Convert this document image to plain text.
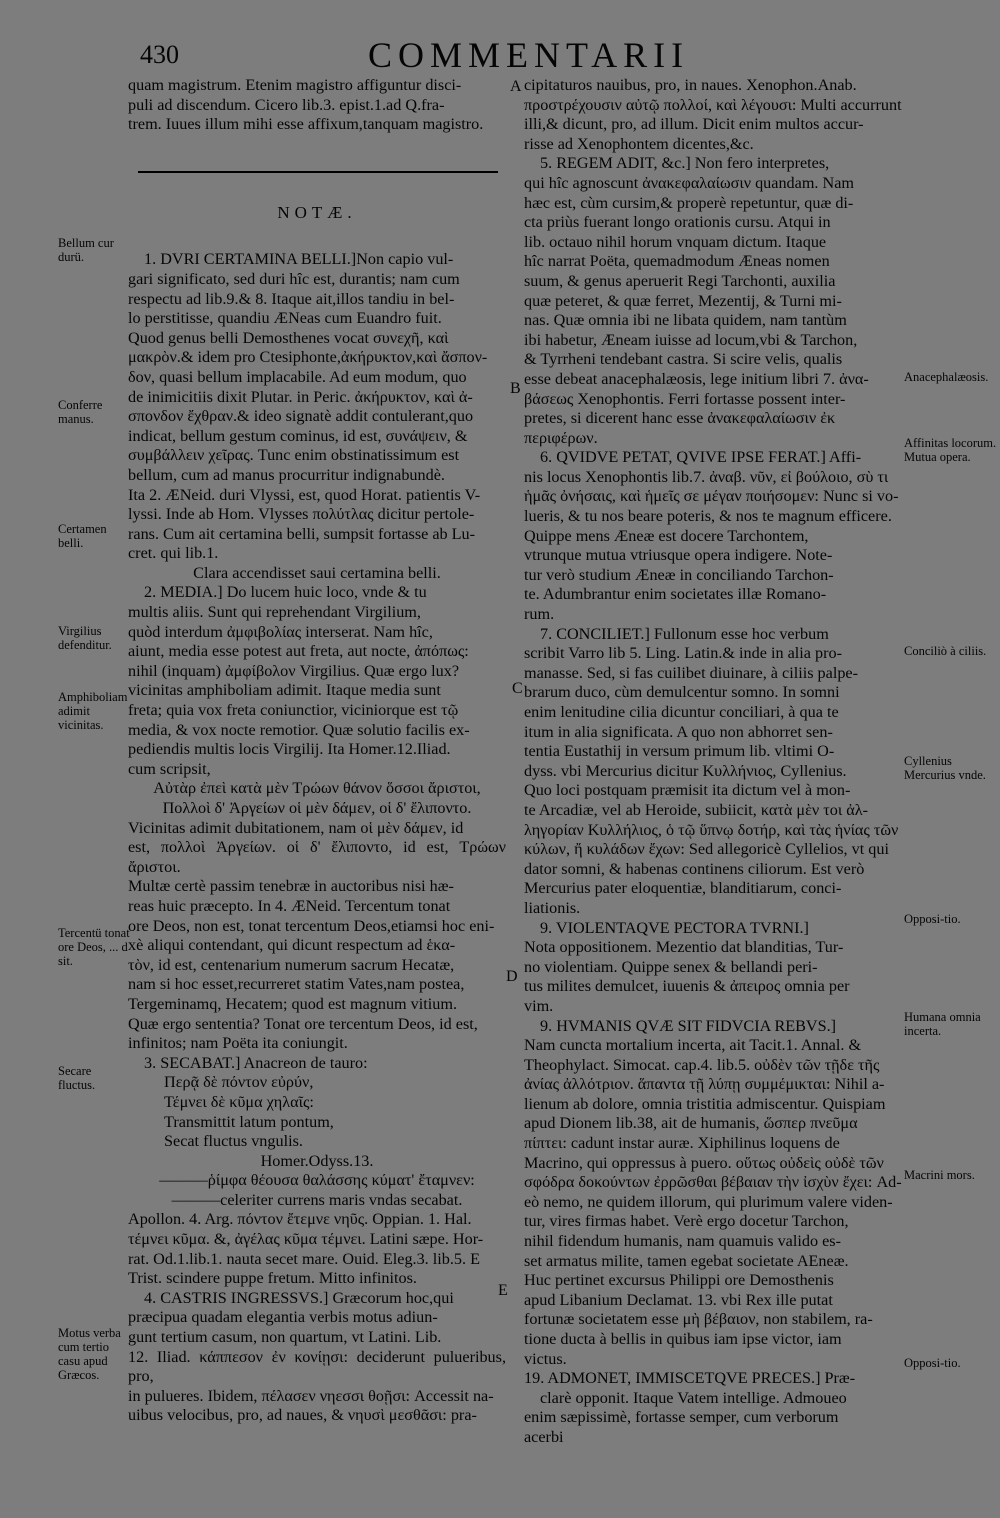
430	COMMENTARII

quam magistrum. Etenim magistro affiguntur disci-

puli ad discendum. Cicero lib.3. epist.1.ad Q.fra-

trem. Iuues illum mihi esse affixum,tanquam magistro.

NOTÆ.

1. DVRI CERTAMINA BELLI.]Non capio vul-

gari significato, sed duri hîc est, durantis; nam cum

respectu ad lib.9.& 8. Itaque ait,illos tandiu in bel-

lo perstitisse, quandiu ÆNeas cum Euandro fuit.

Quod genus belli Demosthenes vocat συνεχῆ, καὶ

μακρὸν.& idem pro Ctesiphonte,ἀκήρυκτον,καὶ ἄσπον-

δον, quasi bellum implacabile. Ad eum modum, quo

de inimicitiis dixit Plutar. in Peric. ἀκήρυκτον, καὶ ἀ-

σπονδον ἔχθραν.& ideo signatè addit contulerant,quo

indicat, bellum gestum cominus, id est, συνάψειν, &

συμβάλλειν χεῖρας. Tunc enim obstinatissimum est

bellum, cum ad manus procurritur indignabundè.

Ita 2. ÆNeid. duri Vlyssi, est, quod Horat. patientis V-

lyssi. Inde ab Hom. Vlysses πολύτλας dicitur pertole-

rans. Cum ait certamina belli, sumpsit fortasse ab Lu-

cret. qui lib.1.

Clara accendisset saui certamina belli.

2. MEDIA.] Do lucem huic loco, vnde & tu

multis aliis. Sunt qui reprehendant Virgilium,

quòd interdum ἀμφιβολίας interserat. Nam hîc,

aiunt, media esse potest aut freta, aut nocte, ἀπόπως:

nihil (inquam) ἀμφίβολον Virgilius. Quæ ergo lux?

vicinitas amphiboliam adimit. Itaque media sunt

freta; quia vox freta coniunctior, viciniorque est τῷ

media, & vox nocte remotior. Quæ solutio facilis ex-

pediendis multis locis Virgilij. Ita Homer.12.Iliad.

cum scripsit,

Αὐτὰρ ἐπεὶ κατὰ μὲν Τρώων θάνον ὅσσοι ἄριστοι,

Πολλοὶ δ' Ἀργείων οἱ μὲν δάμεν, οἱ δ' ἔλιποντο.

Vicinitas adimit dubitationem, nam οἱ μὲν δάμεν, id

est, πολλοὶ Ἀργείων. οἱ δ' ἔλιποντο, id est, Τρώων ἄριστοι.

Multæ certè passim tenebræ in auctoribus nisi hæ-

reas huic præcepto. In 4. ÆNeid. Tercentum tonat

ore Deos, non est, tonat tercentum Deos,etiamsi hoc eni-

xè aliqui contendant, qui dicunt respectum ad ἑκα-

τὸν, id est, centenarium numerum sacrum Hecatæ,

nam si hoc esset,recurreret statim Vates,nam postea,

Tergeminamq, Hecatem; quod est magnum vitium.

Quæ ergo sententia? Tonat ore tercentum Deos, id est,

infinitos; nam Poëta ita coniungit.

3. SECABAT.] Anacreon de tauro:

Περᾷ δὲ πόντον εὐρύν,

Τέμνει δὲ κῦμα χηλαῖς:

Transmittit latum pontum,

Secat fluctus vngulis.

Homer.Odyss.13.

———ῥίμφα θέουσα θαλάσσης κύματ' ἔταμνεν:

———celeriter currens maris vndas secabat.

Apollon. 4. Arg. πόντον ἔτεμνε νηῦς. Oppian. 1. Hal.

τέμνει κῦμα. &, ἀγέλας κῦμα τέμνει. Latini sæpe. Hor-

rat. Od.1.lib.1. nauta secet mare. Ouid. Eleg.3. lib.5. E

Trist. scindere puppe fretum. Mitto infinitos.

4. CASTRIS INGRESSVS.] Græcorum hoc,qui

præcipua quadam elegantia verbis motus adiun-

gunt tertium casum, non quartum, vt Latini. Lib.

12. Iliad. κάππεσον ἐν κονίῃσι: deciderunt pulueribus, pro,

in pulueres. Ibidem, πέλασεν νηεσσι θοῇσι: Accessit na-

uibus velocibus, pro, ad naues, & νηυσὶ μεσθᾶσι: pra-

cipitaturos nauibus, pro, in naues. Xenophon.Anab.

προστρέχουσιν αὐτῷ πολλοί, καὶ λέγουσι: Multi accurrunt

illi,& dicunt, pro, ad illum. Dicit enim multos accur-

risse ad Xenophontem dicentes,&c.

5. REGEM ADIT, &c.] Non fero interpretes,

qui hîc agnoscunt ἀνακεφαλαίωσιν quandam. Nam

hæc est, cùm cursim,& properè repetuntur, quæ di-

cta priùs fuerant longo orationis cursu. Atqui in

lib. octauo nihil horum vnquam dictum. Itaque

hîc narrat Poëta, quemadmodum Æneas nomen

suum, & genus aperuerit Regi Tarchonti, auxilia

quæ peteret, & quæ ferret, Mezentij, & Turni mi-

nas. Quæ omnia ibi ne libata quidem, nam tantùm

ibi habetur, Æneam iuisse ad locum,vbi & Tarchon,

& Tyrrheni tendebant castra. Si scire velis, qualis

esse debeat anacephalæosis, lege initium libri 7. ἀνα-

βάσεως Xenophontis. Ferri fortasse possent inter-

pretes, si dicerent hanc esse ἀνακεφαλαίωσιν ἐκ

περιφέρων.

6. QVIDVE PETAT, QVIVE IPSE FERAT.] Affi-

nis locus Xenophontis lib.7. ἀναβ. νῦν, εἰ βούλοιο, σὺ τι

ἡμᾶς ὀνήσαις, καὶ ἡμεῖς σε μέγαν ποιήσομεν: Nunc si vo-

lueris, & tu nos beare poteris, & nos te magnum efficere.

Quippe mens Æneæ est docere Tarchontem,

vtrunque mutua vtriusque opera indigere. Note-

tur verò studium Æneæ in conciliando Tarchon-

te. Adumbrantur enim societates illæ Romano-

rum.

7. CONCILIET.] Fullonum esse hoc verbum

scribit Varro lib 5. Ling. Latin.& inde in alia pro-

manasse. Sed, si fas cuilibet diuinare, à ciliis palpe-

brarum duco, cùm demulcentur somno. In somni

enim lenitudine cilia dicuntur conciliari, à qua te

itum in alia significata. A quo non abhorret sen-

tentia Eustathij in versum primum lib. vltimi O-

dyss. vbi Mercurius dicitur Κυλλήνιος, Cyllenius.

Quo loci postquam præmisit ita dictum vel à mon-

te Arcadiæ, vel ab Heroide, subiicit, κατὰ μὲν τοι ἀλ-

ληγορίαν Κυλλήλιος, ὁ τῷ ὕπνῳ δοτήρ, καὶ τὰς ἡνίας τῶν

κύλων, ἤ κυλάδων ἔχων: Sed allegoricè Cyllelios, vt qui

dator somni, & habenas continens ciliorum. Est verò

Mercurius pater eloquentiæ, blanditiarum, conci-

liationis.

9. VIOLENTAQVE PECTORA TVRNI.]

Nota oppositionem. Mezentio dat blanditias, Tur-

no violentiam. Quippe senex & bellandi peri-

tus milites demulcet, iuuenis & ἀπειρος omnia per

vim.

9. HVMANIS QVÆ SIT FIDVCIA REBVS.]

Nam cuncta mortalium incerta, ait Tacit.1. Annal. &

Theophylact. Simocat. cap.4. lib.5. οὐδὲν τῶν τῇδε τῆς

ἀνίας ἀλλότριον. ἅπαντα τῇ λύπῃ συμμέμικται: Nihil a-

lienum ab dolore, omnia tristitia admiscentur. Quispiam

apud Dionem lib.38, ait de humanis, ὥσπερ πνεῦμα

πίπτει: cadunt instar auræ. Xiphilinus loquens de

Macrino, qui oppressus à puero. οὕτως οὐδεὶς οὐδὲ τῶν

σφόδρα δοκούντων ἐρρῶσθαι βέβαιαν τὴν ἰσχὺν ἔχει: Ad-

eò nemo, ne quidem illorum, qui plurimum valere viden-

tur, vires firmas habet. Verè ergo docetur Tarchon,

nihil fidendum humanis, nam quamuis valido es-

set armatus milite, tamen egebat societate AEneæ.

Huc pertinet excursus Philippi ore Demosthenis

apud Libanium Declamat. 13. vbi Rex ille putat

fortunæ societatem esse μὴ βέβαιον, non stabilem, ra-

tione ducta à bellis in quibus iam ipse victor, iam

victus.

19. ADMONET, IMMISCETQVE PRECES.] Præ-

clarè opponit. Itaque Vatem intellige. Admoueo

enim sæpissimè, fortasse semper, cum verborum

acerbi

Bellum cur durü.
Conferre manus.
Certamen belli.
Virgilius defenditur.
Amphiboliam adimit vicinitas.
Tercentü tonat ore Deos, ... d sit.
Secare fluctus.
Motus verba cum tertio casu apud Græcos.
Anacephalæosis.
Affinitas locorum. Mutua opera.
Conciliò à ciliis.
Cyllenius Mercurius vnde.
Opposi-tio.
Humana omnia incerta.
Macrini mors.
Opposi-tio.
A
B
C
D
E
